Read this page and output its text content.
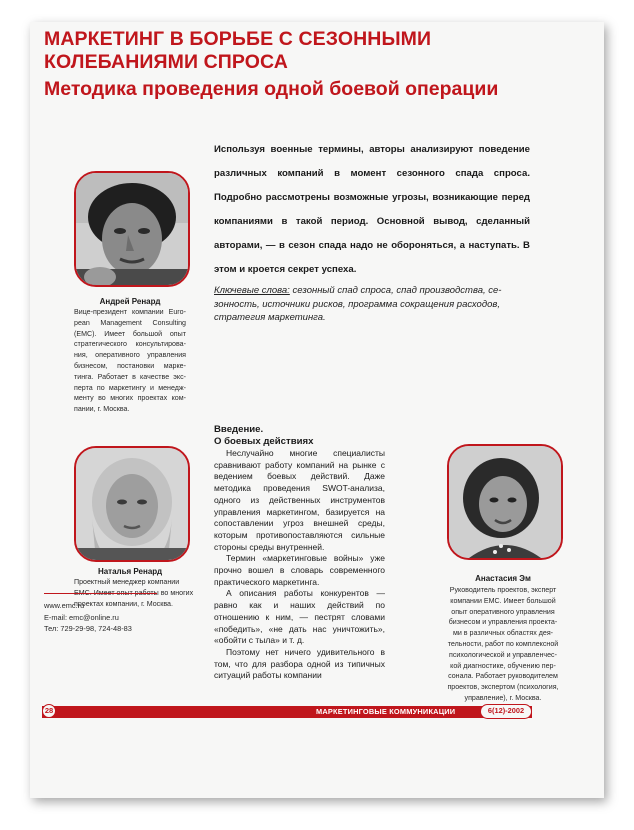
МАРКЕТИНГ В БОРЬБЕ С СЕЗОННЫМИ
КОЛЕБАНИЯМИ СПРОСА
Методика проведения одной боевой операции
Используя военные термины, авторы анализируют поведение различных компаний в момент сезонного спада спроса. Подробно рассмотрены возможные угрозы, возникающие перед компаниями в такой период. Основной вывод, сделанный авторами, — в сезон спада надо не обороняться, а наступать. В этом и кроется секрет успеха.
Ключевые слова: сезонный спад спроса, спад производства, сезонность, источники рисков, программа сокращения расходов, стратегия маркетинга.
Андрей Ренард
Вице-президент компании European Management Consulting (EMC). Имеет большой опыт стратегического консультирования, оперативного управления бизнесом, постановки маркетинга. Работает в качестве эксперта по маркетингу и менеджменту во многих проектах компании, г. Москва.
Наталья Ренард
Проектный менеджер компании ЕМС. Имеет опыт работы во многих проектах компании, г. Москва.
www.emc.ru
E-mail: emc@online.ru
Тел: 729-29-98, 724-48-83
Анастасия Эм
Руководитель проектов, эксперт компании ЕМС. Имеет большой опыт оперативного управления бизнесом и управления проектами в различных областях деятельности, работ по комплексной психологической и управленческой диагностике, обучению персонала. Работает руководителем проектов, экспертом (психология, управление), г. Москва.
Введение.
О боевых действиях

Неслучайно многие специалисты сравнивают работу компаний на рынке с ведением боевых действий. Даже методика проведения SWOT-анализа, одного из действенных инструментов управления маркетингом, базируется на сопоставлении угроз внешней среды, которым противопоставляются сильные стороны среды внутренней.

Термин «маркетинговые войны» уже прочно вошел в словарь современного практического маркетинга.

А описания работы конкурентов — равно как и наших действий по отношению к ним, — пестрят словами «победить», «не дать нас уничтожить», «обойти с тыла» и т. д.

Поэтому нет ничего удивительного в том, что для разбора одной из типичных ситуаций работы компании

28	МАРКЕТИНГОВЫЕ КОММУНИКАЦИИ	6(12)-2002
